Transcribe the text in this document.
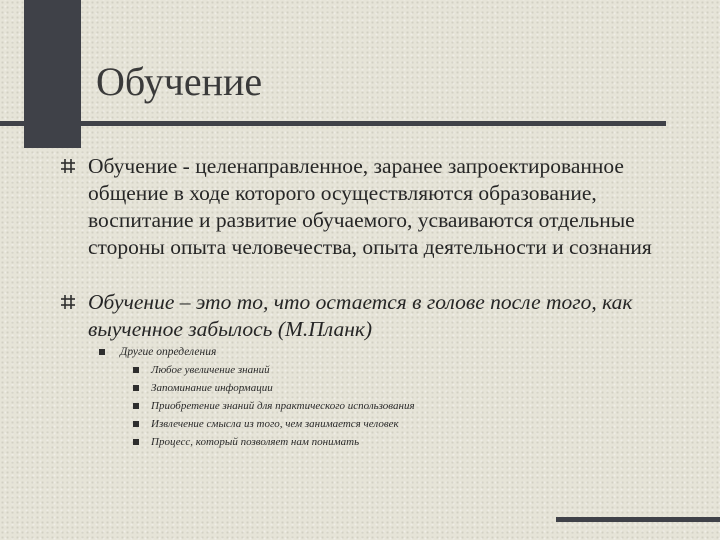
Обучение
Обучение - целенаправленное, заранее запроектированное общение в ходе которого осуществляются образование, воспитание и развитие обучаемого, усваиваются отдельные стороны опыта человечества, опыта деятельности и сознания
Обучение – это то, что остается в голове после того, как выученное забылось (М.Планк)
Другие определения
Любое увеличение знаний
Запоминание информации
Приобретение знаний для практического использования
Извлечение смысла из того, чем занимается человек
Процесс, который позволяет нам понимать
